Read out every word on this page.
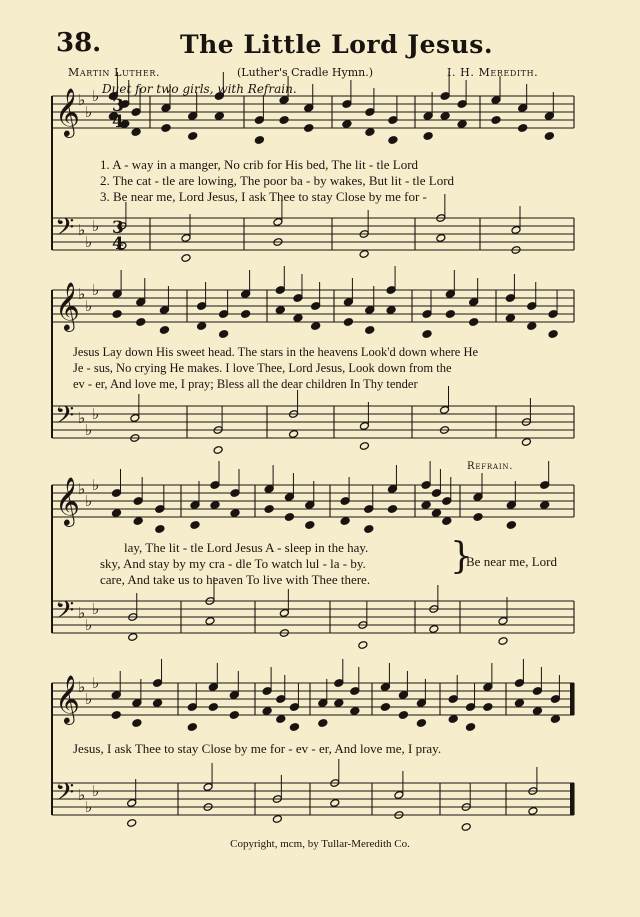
𝄞
♭
♭
♭
𝄢 ♭
♭
♭
3
3
4
4
𝄞
♭
♭
♭
𝄢 ♭
♭
♭
𝄞
♭
♭
♭
𝄢 ♭
♭
♭
𝄞
♭
♭
♭
𝄢 ♭
♭
♭
38.	The Little Lord Jesus.
Martin Luther.	(Luther's Cradle Hymn.)	I. H. Meredith.
Duet for two girls, with Refrain.
1. A - way in a manger, No crib for His bed, The lit - tle Lord
2. The cat - tle are lowing, The poor ba - by wakes, But lit - tle Lord
3. Be near me, Lord Jesus, I ask Thee to stay Close by me for -
Jesus Lay down His sweet head. The stars in the heavens Look'd down where He
Je - sus, No crying He makes. I love Thee, Lord Jesus, Look down from the
ev - er, And love me, I pray; Bless all the dear children In Thy tender
Refrain.
lay, The lit - tle Lord Jesus A - sleep in the hay.
sky, And stay by my cra - dle To watch lul - la - by.
care, And take us to heaven To live with Thee there.
}
Be near me, Lord
Jesus, I ask Thee to stay Close by me for - ev - er, And love me, I pray.
Copyright, mcm, by Tullar-Meredith Co.
